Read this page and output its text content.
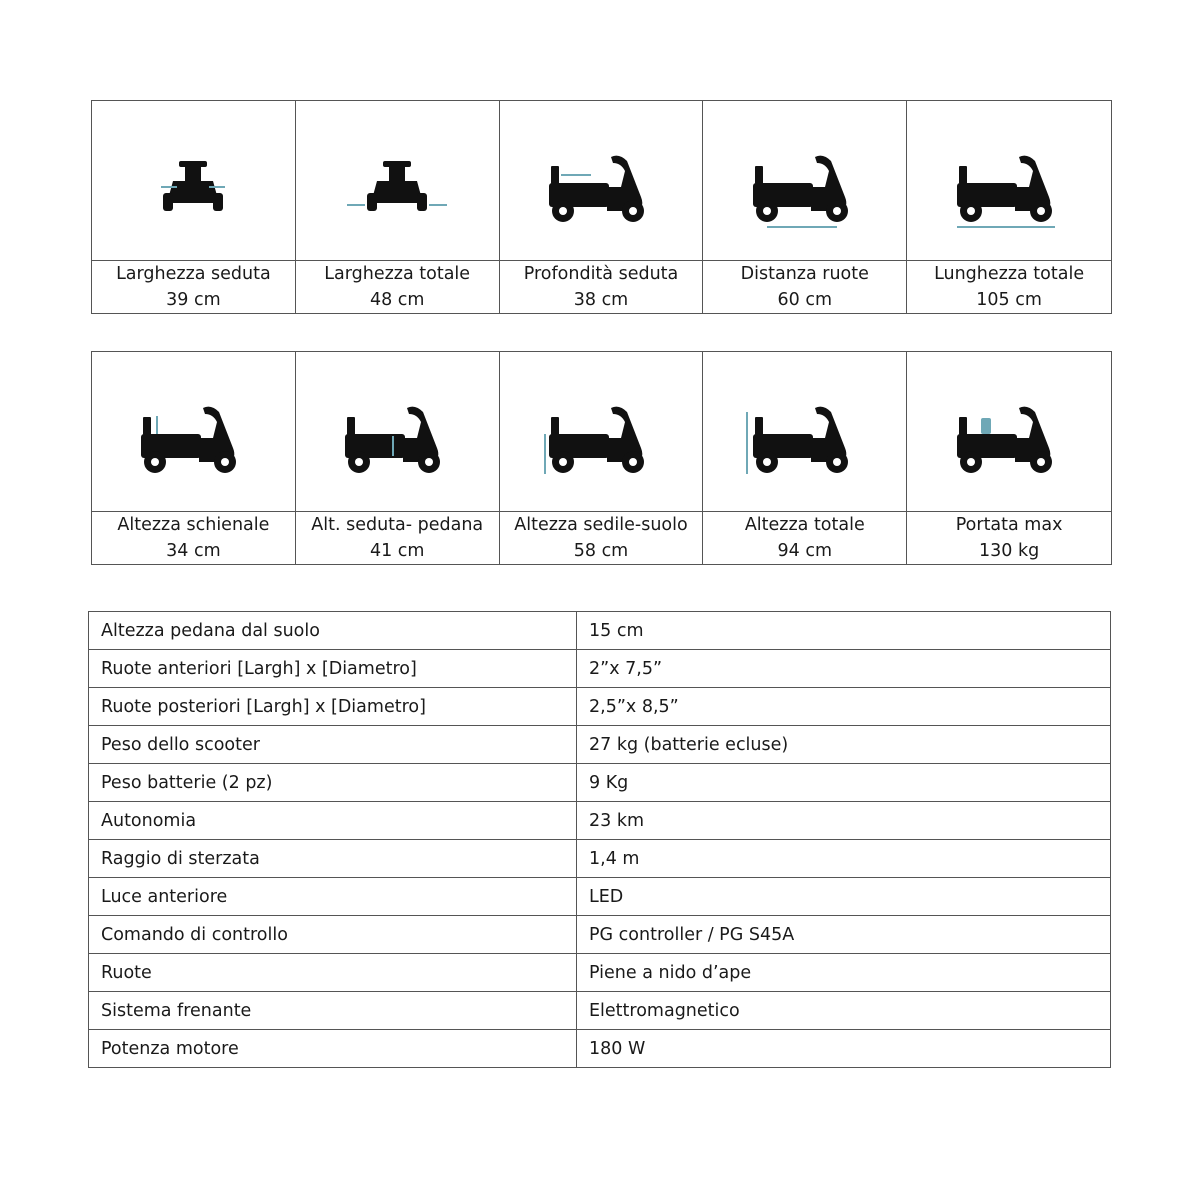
Larghezza seduta
39 cm
Larghezza totale
48 cm
Profondità seduta
38 cm
Distanza ruote
60 cm
Lunghezza totale
105 cm
Altezza schienale
34 cm
Alt. seduta- pedana
41 cm
Altezza sedile-suolo
58 cm
Altezza totale
94 cm
Portata max
130 kg
Altezza pedana dal suolo	15 cm
Ruote anteriori [Largh] x [Diametro]	2”x 7,5”
Ruote posteriori [Largh] x [Diametro]	2,5”x 8,5”
Peso dello scooter	27 kg (batterie ecluse)
Peso batterie (2 pz)	9 Kg
Autonomia	23 km
Raggio di sterzata	1,4 m
Luce anteriore	LED
Comando di controllo	PG controller / PG S45A
Ruote	Piene a nido d’ape
Sistema frenante	Elettromagnetico
Potenza motore	180 W
